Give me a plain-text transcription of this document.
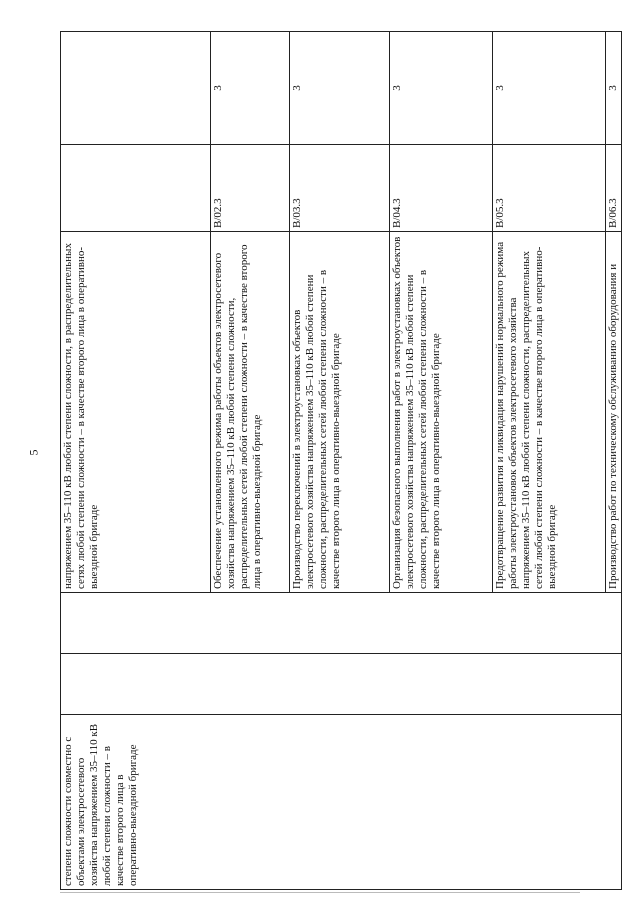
5
степени сложности совместно с объектами электросетевого хозяйства напряжением 35–110 кВ любой степени сложности – в качестве второго лица в оперативно-выездной бригаде			напряжением 35–110 кВ любой степени сложности, в распределительных сетях любой степени сложности – в качестве второго лица в оперативно-выездной бригаде		
			Обеспечение установленного режима работы объектов электросетевого хозяйства напряжением 35–110 кВ любой степени сложности, распределительных сетей любой степени сложности – в качестве второго лица в оперативно-выездной бригаде	B/02.3	3
			Производство переключений в электроустановках объектов электросетевого хозяйства напряжением 35–110 кВ любой степени сложности, распределительных сетей любой степени сложности – в качестве второго лица в оперативно-выездной бригаде	B/03.3	3
			Организация безопасного выполнения работ в электроустановках объектов электросетевого хозяйства напряжением 35–110 кВ любой степени сложности, распределительных сетей любой степени сложности – в качестве второго лица в оперативно-выездной бригаде	B/04.3	3
			Предотвращение развития и ликвидация нарушений нормального режима работы электроустановок объектов электросетевого хозяйства напряжением 35–110 кВ любой степени сложности, распределительных сетей любой степени сложности – в качестве второго лица в оперативно-выездной бригаде	B/05.3	3
			Производство работ по техническому обслуживанию оборудования и	B/06.3	3
